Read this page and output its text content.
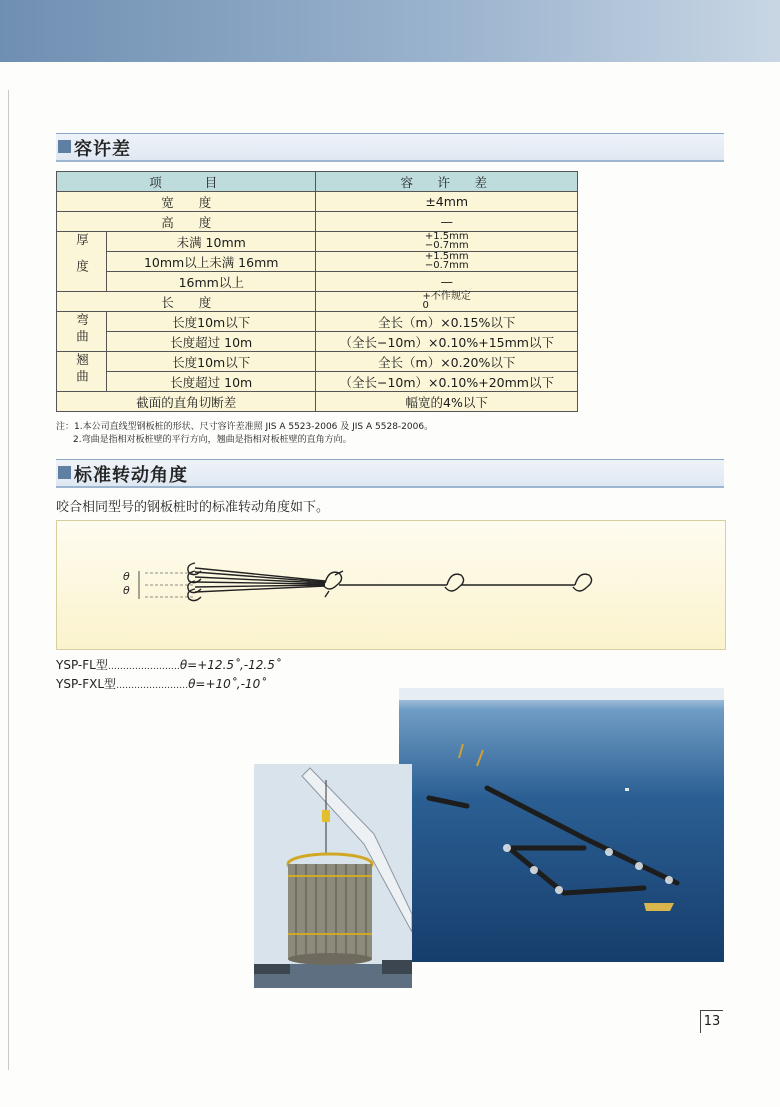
容许差
项　　目		容　许　差
宽　　度		±4mm
高　　度		—
厚度	未满 10mm	+1.5mm
−0.7mm
	10mm以上未满 16mm	+1.5mm
−0.7mm
	16mm以上	—
长　　度		+不作规定
0
弯曲	长度10m以下	全长（m）×0.15%以下
	长度超过 10m	（全长−10m）×0.10%+15mm以下
翘曲	长度10m以下	全长（m）×0.20%以下
	长度超过 10m	（全长−10m）×0.10%+20mm以下
截面的直角切断差		幅宽的4%以下
注：1.本公司直线型钢板桩的形状、尺寸容许差准照 JIS A 5523-2006 及 JIS A 5528-2006。
2.弯曲是指相对板桩壁的平行方向，翘曲是指相对板桩壁的直角方向。
标准转动角度
咬合相同型号的钢板桩时的标准转动角度如下。
θ
θ
YSP-FL型……………………θ=+12.5˚,-12.5˚
YSP-FXL型……………………θ=+10˚,-10˚
13
